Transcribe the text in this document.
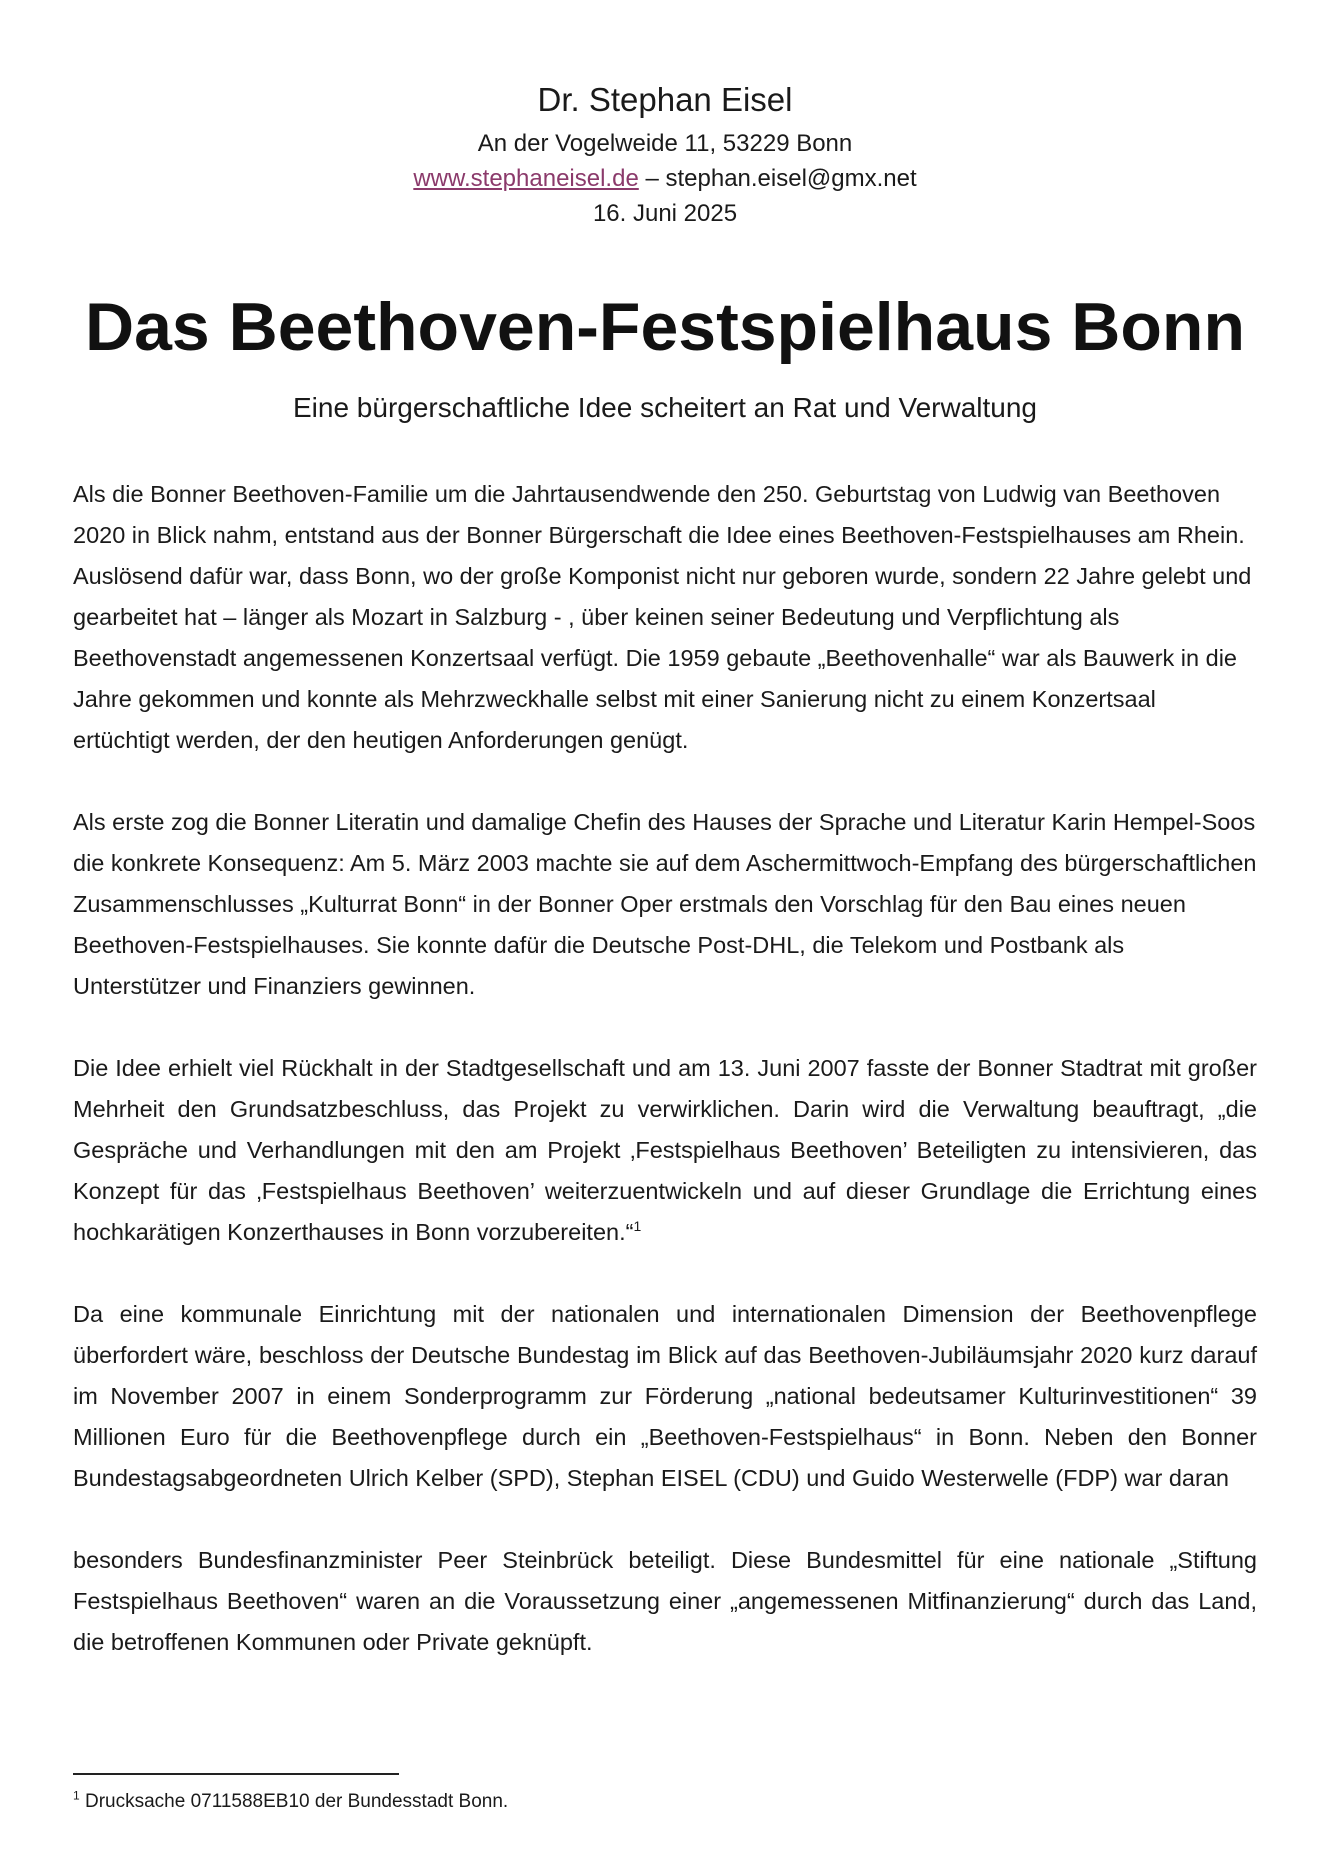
Dr. Stephan Eisel
An der Vogelweide 11, 53229 Bonn
www.stephaneisel.de – stephan.eisel@gmx.net
16. Juni 2025
Das Beethoven-Festspielhaus Bonn
Eine bürgerschaftliche Idee scheitert an Rat und Verwaltung

Als die Bonner Beethoven-Familie um die Jahrtausendwende den 250. Geburtstag von Ludwig van Beethoven 2020 in Blick nahm, entstand aus der Bonner Bürgerschaft die Idee eines Beethoven-Festspielhauses am Rhein. Auslösend dafür war, dass Bonn, wo der große Komponist nicht nur geboren wurde, sondern 22 Jahre gelebt und gearbeitet hat – länger als Mozart in Salzburg - , über keinen seiner Bedeutung und Verpflichtung als Beethovenstadt angemessenen Konzertsaal verfügt. Die 1959 gebaute „Beethovenhalle“ war als Bauwerk in die Jahre gekommen und konnte als Mehrzweckhalle selbst mit einer Sanierung nicht zu einem Konzertsaal ertüchtigt werden, der den heutigen Anforderungen genügt.

Als erste zog die Bonner Literatin und damalige Chefin des Hauses der Sprache und Literatur Karin Hempel-Soos die konkrete Konsequenz: Am 5. März 2003 machte sie auf dem Aschermittwoch-Empfang des bürgerschaftlichen Zusammenschlusses „Kulturrat Bonn“ in der Bonner Oper erstmals den Vorschlag für den Bau eines neuen Beethoven-Festspielhauses. Sie konnte dafür die Deutsche Post-DHL, die Telekom und Postbank als Unterstützer und Finanziers gewinnen.

Die Idee erhielt viel Rückhalt in der Stadtgesellschaft und am 13. Juni 2007 fasste der Bonner Stadtrat mit großer Mehrheit den Grundsatzbeschluss, das Projekt zu verwirklichen. Darin wird die Verwaltung beauftragt, „die Gespräche und Verhandlungen mit den am Projekt ‚Festspielhaus Beethoven’ Beteiligten zu intensivieren, das Konzept für das ‚Festspielhaus Beethoven’ weiterzuentwickeln und auf dieser Grundlage die Errichtung eines hochkarätigen Konzerthauses in Bonn vorzubereiten.“$^1$

Da eine kommunale Einrichtung mit der nationalen und internationalen Dimension der Beethovenpflege überfordert wäre, beschloss der Deutsche Bundestag im Blick auf das Beethoven-Jubiläumsjahr 2020 kurz darauf im November 2007 in einem Sonderprogramm zur Förderung „national bedeutsamer Kulturinvestitionen“ 39 Millionen Euro für die Beethovenpflege durch ein „Beethoven-Festspielhaus“ in Bonn. Neben den Bonner Bundestagsabgeordneten Ulrich Kelber (SPD), Stephan EISEL (CDU) und Guido Westerwelle (FDP) war daran

besonders Bundesfinanzminister Peer Steinbrück beteiligt. Diese Bundesmittel für eine nationale „Stiftung Festspielhaus Beethoven“ waren an die Voraussetzung einer „angemessenen Mitfinanzierung“ durch das Land, die betroffenen Kommunen oder Private geknüpft.

$^1$ Drucksache 0711588EB10 der Bundesstadt Bonn.
